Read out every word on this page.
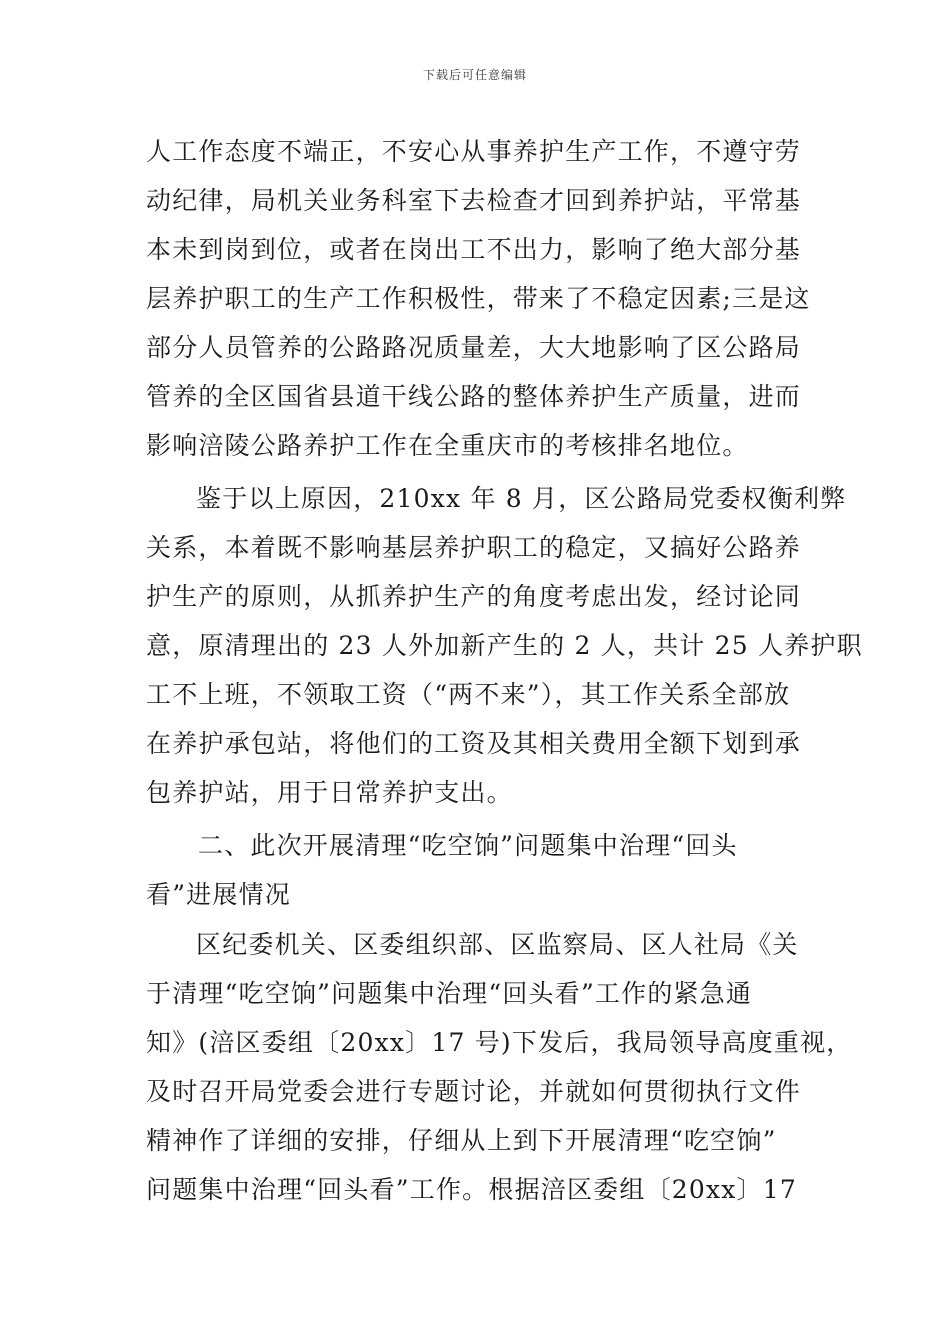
下载后可任意编辑
人工作态度不端正，不安心从事养护生产工作，不遵守劳
动纪律，局机关业务科室下去检查才回到养护站，平常基
本未到岗到位，或者在岗出工不出力，影响了绝大部分基
层养护职工的生产工作积极性，带来了不稳定因素;三是这
部分人员管养的公路路况质量差，大大地影响了区公路局
管养的全区国省县道干线公路的整体养护生产质量，进而
影响涪陵公路养护工作在全重庆市的考核排名地位。
鉴于以上原因，210xx 年 8 月，区公路局党委权衡利弊
关系，本着既不影响基层养护职工的稳定，又搞好公路养
护生产的原则，从抓养护生产的角度考虑出发，经讨论同
意，原清理出的 23 人外加新产生的 2 人，共计 25 人养护职
工不上班，不领取工资（“两不来”），其工作关系全部放
在养护承包站，将他们的工资及其相关费用全额下划到承
包养护站，用于日常养护支出。
二、此次开展清理“吃空饷”问题集中治理“回头
看”进展情况
区纪委机关、区委组织部、区监察局、区人社局《关
于清理“吃空饷”问题集中治理“回头看”工作的紧急通
知》(涪区委组〔20xx〕17 号)下发后，我局领导高度重视，
及时召开局党委会进行专题讨论，并就如何贯彻执行文件
精神作了详细的安排，仔细从上到下开展清理“吃空饷”
问题集中治理“回头看”工作。根据涪区委组〔20xx〕17
